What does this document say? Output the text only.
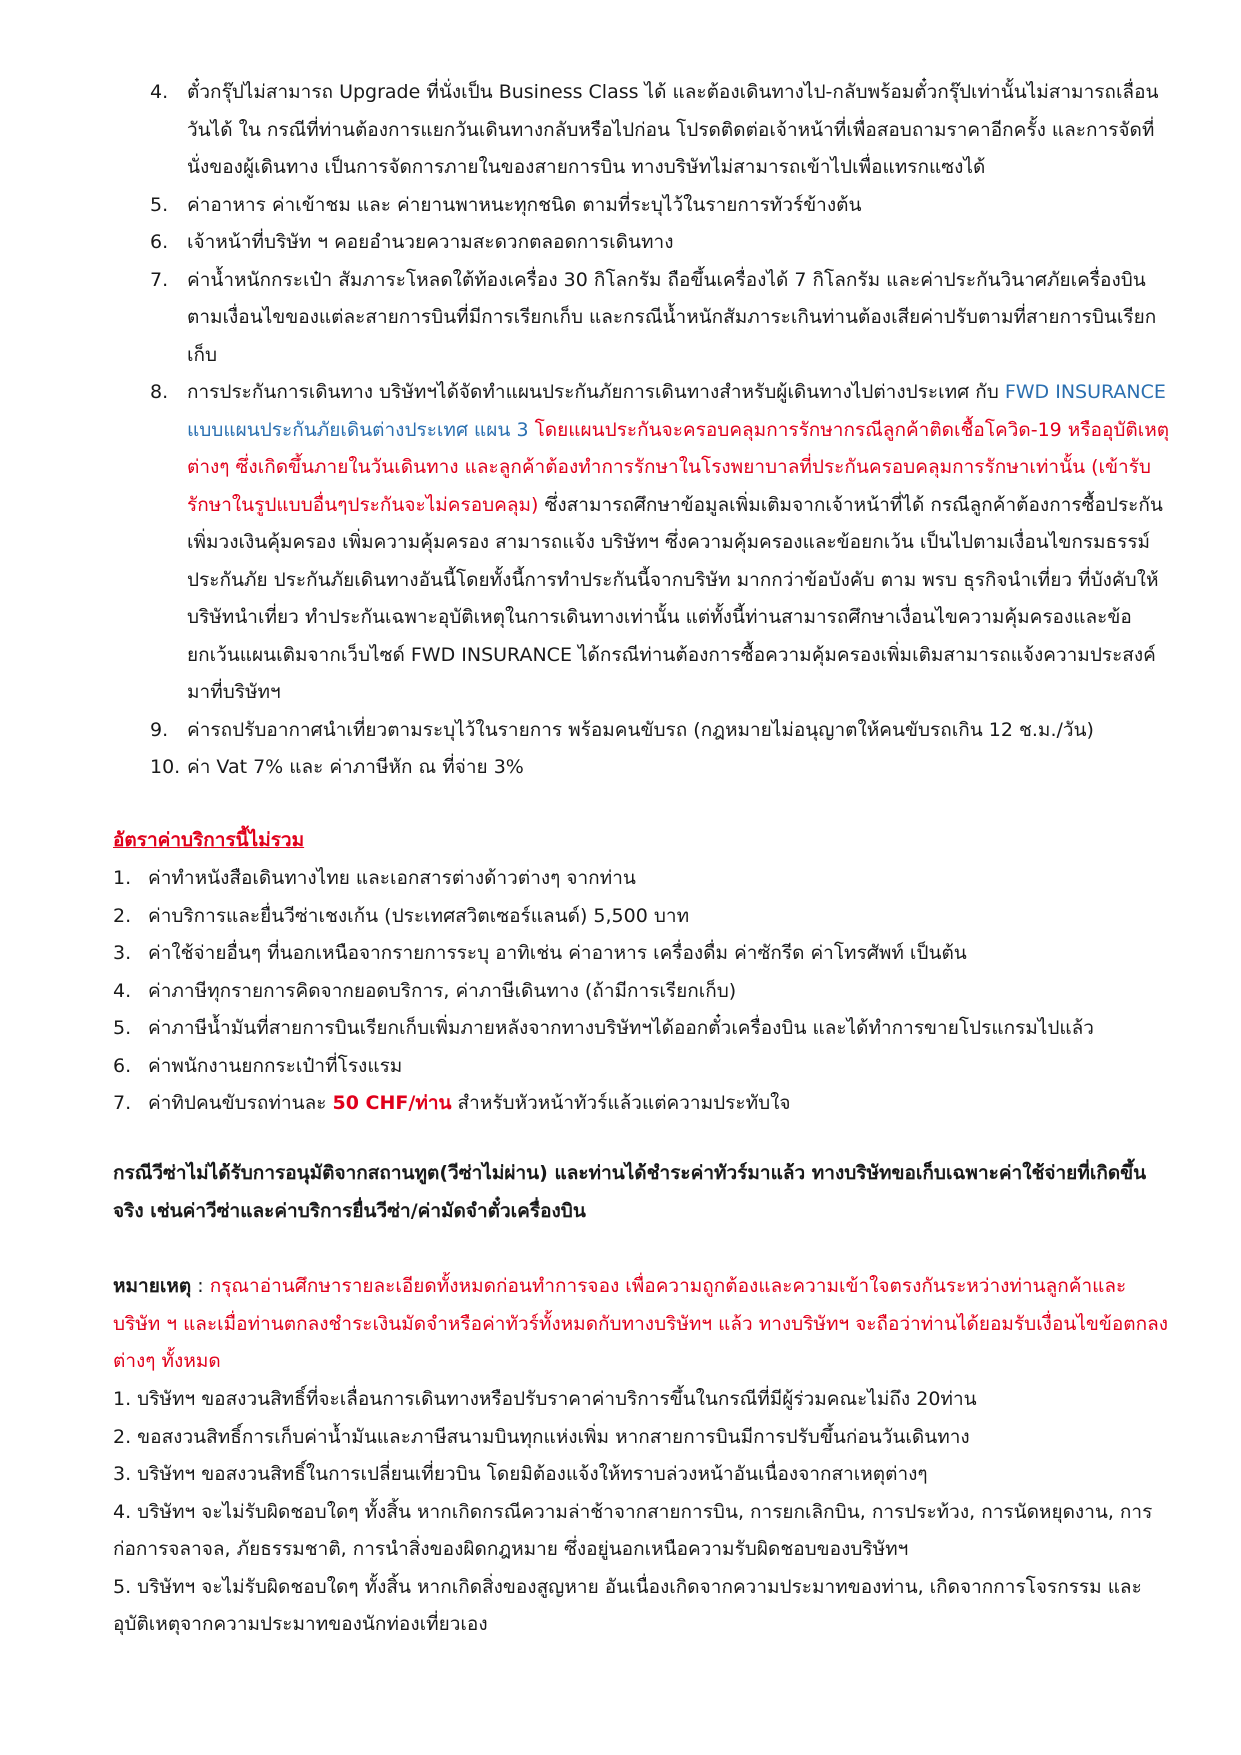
4. ตั๋วกรุ๊ปไม่สามารถ Upgrade ที่นั่งเป็น Business Class ได้ และต้องเดินทางไป-กลับพร้อมตั๋วกรุ๊ปเท่านั้นไม่สามารถเลื่อนวันได้ ใน กรณีที่ท่านต้องการแยกวันเดินทางกลับหรือไปก่อน โปรดติดต่อเจ้าหน้าที่เพื่อสอบถามราคาอีกครั้ง และการจัดที่นั่งของผู้เดินทาง เป็นการจัดการภายในของสายการบิน ทางบริษัทไม่สามารถเข้าไปเพื่อแทรกแซงได้
5. ค่าอาหาร ค่าเข้าชม และ ค่ายานพาหนะทุกชนิด ตามที่ระบุไว้ในรายการทัวร์ข้างต้น
6. เจ้าหน้าที่บริษัท ฯ คอยอำนวยความสะดวกตลอดการเดินทาง
7. ค่าน้ำหนักกระเป๋า สัมภาระโหลดใต้ท้องเครื่อง 30 กิโลกรัม ถือขึ้นเครื่องได้ 7 กิโลกรัม และค่าประกันวินาศภัยเครื่องบินตามเงื่อนไขของแต่ละสายการบินที่มีการเรียกเก็บ และกรณีน้ำหนักสัมภาระเกินท่านต้องเสียค่าปรับตามที่สายการบินเรียกเก็บ
8. การประกันการเดินทาง บริษัทฯได้จัดทำแผนประกันภัยการเดินทางสำหรับผู้เดินทางไปต่างประเทศ กับ FWD INSURANCE แบบแผนประกันภัยเดินต่างประเทศ แผน 3 โดยแผนประกันจะครอบคลุมการรักษากรณีลูกค้าติดเชื้อโควิด-19 หรืออุบัติเหตุต่างๆ ซึ่งเกิดขึ้นภายในวันเดินทาง และลูกค้าต้องทำการรักษาในโรงพยาบาลที่ประกันครอบคลุมการรักษาเท่านั้น (เข้ารับรักษาในรูปแบบอื่นๆประกันจะไม่ครอบคลุม) ซึ่งสามารถศึกษาข้อมูลเพิ่มเติมจากเจ้าหน้าที่ได้ กรณีลูกค้าต้องการซื้อประกันเพิ่มวงเงินคุ้มครอง เพิ่มความคุ้มครอง สามารถแจ้ง บริษัทฯ ซึ่งความคุ้มครองและข้อยกเว้น เป็นไปตามเงื่อนไขกรมธรรม์ประกันภัย ประกันภัยเดินทางอันนี้โดยทั้งนี้การทำประกันนี้จากบริษัท มากกว่าข้อบังคับ ตาม พรบ ธุรกิจนำเที่ยว ที่บังคับให้บริษัทนำเที่ยว ทำประกันเฉพาะอุบัติเหตุในการเดินทางเท่านั้น แต่ทั้งนี้ท่านสามารถศึกษาเงื่อนไขความคุ้มครองและข้อยกเว้นแผนเติมจากเว็บไซด์ FWD INSURANCE ได้กรณีท่านต้องการซื้อความคุ้มครองเพิ่มเติมสามารถแจ้งความประสงค์มาที่บริษัทฯ
9. ค่ารถปรับอากาศนำเที่ยวตามระบุไว้ในรายการ พร้อมคนขับรถ (กฎหมายไม่อนุญาตให้คนขับรถเกิน 12 ช.ม./วัน)
10. ค่า Vat 7% และ ค่าภาษีหัก ณ ที่จ่าย 3%
อัตราค่าบริการนี้ไม่รวม
1. ค่าทำหนังสือเดินทางไทย และเอกสารต่างด้าวต่างๆ จากท่าน
2. ค่าบริการและยื่นวีซ่าเชงเก้น (ประเทศสวิตเซอร์แลนด์) 5,500 บาท
3. ค่าใช้จ่ายอื่นๆ ที่นอกเหนือจากรายการระบุ อาทิเช่น ค่าอาหาร เครื่องดื่ม ค่าซักรีด ค่าโทรศัพท์ เป็นต้น
4. ค่าภาษีทุกรายการคิดจากยอดบริการ, ค่าภาษีเดินทาง (ถ้ามีการเรียกเก็บ)
5. ค่าภาษีน้ำมันที่สายการบินเรียกเก็บเพิ่มภายหลังจากทางบริษัทฯได้ออกตั๋วเครื่องบิน และได้ทำการขายโปรแกรมไปแล้ว
6. ค่าพนักงานยกกระเป๋าที่โรงแรม
7. ค่าทิปคนขับรถท่านละ 50 CHF/ท่าน สำหรับหัวหน้าทัวร์แล้วแต่ความประทับใจ

กรณีวีซ่าไม่ได้รับการอนุมัติจากสถานทูต(วีซ่าไม่ผ่าน) และท่านได้ชำระค่าทัวร์มาแล้ว ทางบริษัทขอเก็บเฉพาะค่าใช้จ่ายที่เกิดขึ้นจริง เช่นค่าวีซ่าและค่าบริการยื่นวีซ่า/ค่ามัดจำตั๋วเครื่องบิน

หมายเหตุ : กรุณาอ่านศึกษารายละเอียดทั้งหมดก่อนทำการจอง เพื่อความถูกต้องและความเข้าใจตรงกันระหว่างท่านลูกค้าและบริษัท ฯ และเมื่อท่านตกลงชำระเงินมัดจำหรือค่าทัวร์ทั้งหมดกับทางบริษัทฯ แล้ว ทางบริษัทฯ จะถือว่าท่านได้ยอมรับเงื่อนไขข้อตกลงต่างๆ ทั้งหมด

1. บริษัทฯ ขอสงวนสิทธิ์ที่จะเลื่อนการเดินทางหรือปรับราคาค่าบริการขึ้นในกรณีที่มีผู้ร่วมคณะไม่ถึง 20ท่าน

2. ขอสงวนสิทธิ์การเก็บค่าน้ำมันและภาษีสนามบินทุกแห่งเพิ่ม หากสายการบินมีการปรับขึ้นก่อนวันเดินทาง

3. บริษัทฯ ขอสงวนสิทธิ์ในการเปลี่ยนเที่ยวบิน โดยมิต้องแจ้งให้ทราบล่วงหน้าอันเนื่องจากสาเหตุต่างๆ

4. บริษัทฯ จะไม่รับผิดชอบใดๆ ทั้งสิ้น หากเกิดกรณีความล่าช้าจากสายการบิน, การยกเลิกบิน, การประท้วง, การนัดหยุดงาน, การก่อการจลาจล, ภัยธรรมชาติ, การนำสิ่งของผิดกฎหมาย ซึ่งอยู่นอกเหนือความรับผิดชอบของบริษัทฯ

5. บริษัทฯ จะไม่รับผิดชอบใดๆ ทั้งสิ้น หากเกิดสิ่งของสูญหาย อันเนื่องเกิดจากความประมาทของท่าน, เกิดจากการโจรกรรม และ อุบัติเหตุจากความประมาทของนักท่องเที่ยวเอง
